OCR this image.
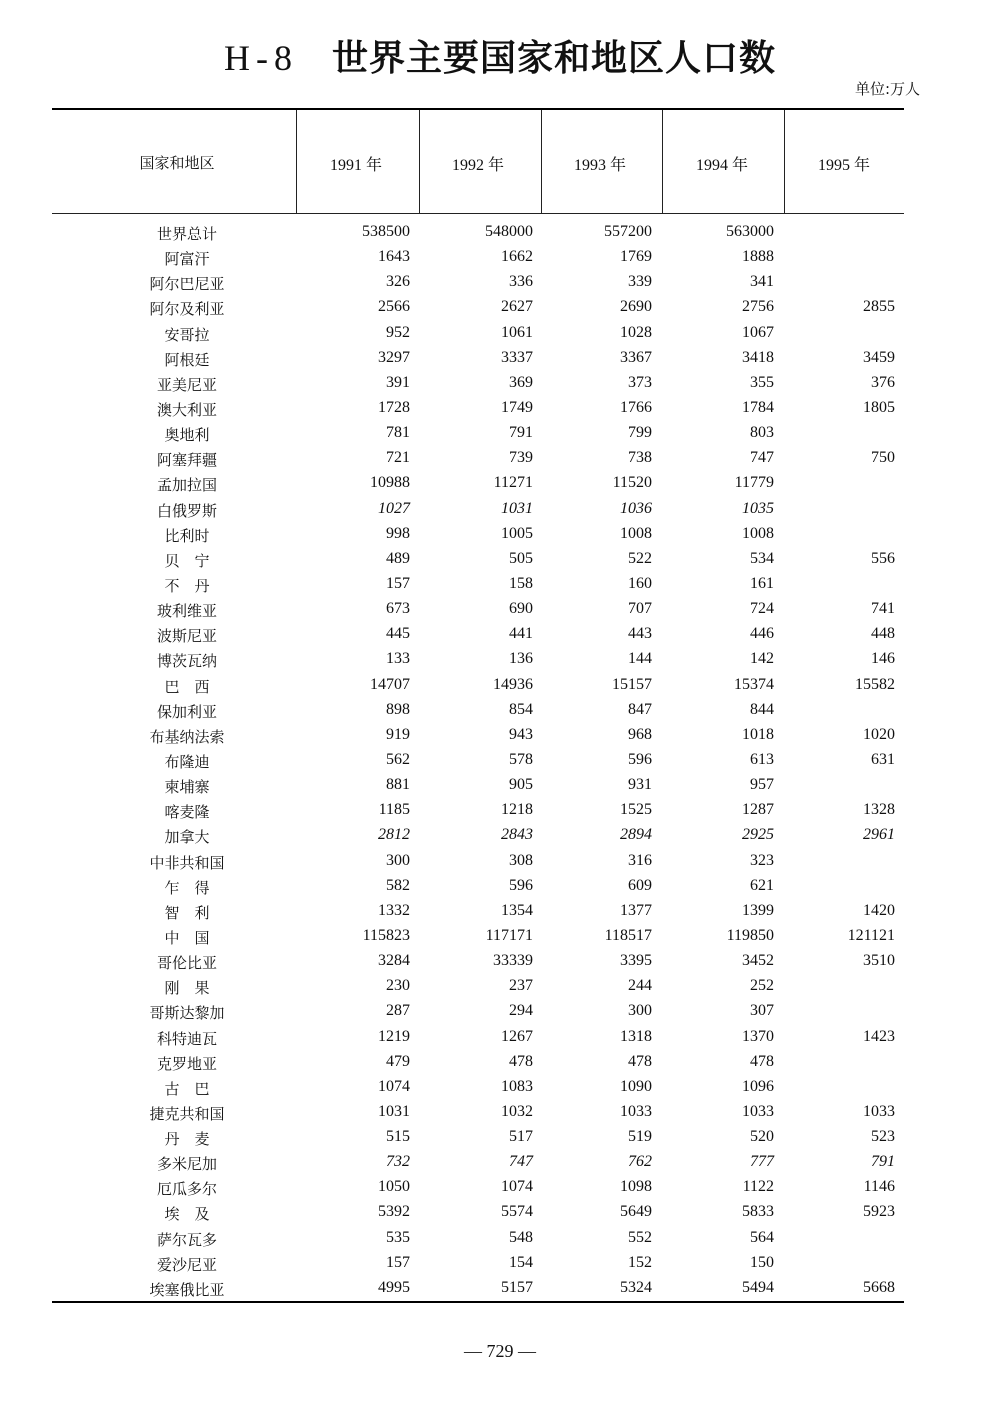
H-8 世界主要国家和地区人口数
单位:万人
国家和地区	1991 年	1992 年	1993 年	1994 年	1995 年
世界总计	538500	548000	557200	563000
阿富汗	1643	1662	1769	1888
阿尔巴尼亚	326	336	339	341
阿尔及利亚	2566	2627	2690	2756	2855
安哥拉	952	1061	1028	1067
阿根廷	3297	3337	3367	3418	3459
亚美尼亚	391	369	373	355	376
澳大利亚	1728	1749	1766	1784	1805
奥地利	781	791	799	803
阿塞拜疆	721	739	738	747	750
孟加拉国	10988	11271	11520	11779
白俄罗斯	1027	1031	1036	1035
比利时	998	1005	1008	1008
贝　宁	489	505	522	534	556
不　丹	157	158	160	161
玻利维亚	673	690	707	724	741
波斯尼亚	445	441	443	446	448
博茨瓦纳	133	136	144	142	146
巴　西	14707	14936	15157	15374	15582
保加利亚	898	854	847	844
布基纳法索	919	943	968	1018	1020
布隆迪	562	578	596	613	631
柬埔寨	881	905	931	957
喀麦隆	1185	1218	1525	1287	1328
加拿大	2812	2843	2894	2925	2961
中非共和国	300	308	316	323
乍　得	582	596	609	621
智　利	1332	1354	1377	1399	1420
中　国	115823	117171	118517	119850	121121
哥伦比亚	3284	33339	3395	3452	3510
刚　果	230	237	244	252
哥斯达黎加	287	294	300	307
科特迪瓦	1219	1267	1318	1370	1423
克罗地亚	479	478	478	478
古　巴	1074	1083	1090	1096
捷克共和国	1031	1032	1033	1033	1033
丹　麦	515	517	519	520	523
多米尼加	732	747	762	777	791
厄瓜多尔	1050	1074	1098	1122	1146
埃　及	5392	5574	5649	5833	5923
萨尔瓦多	535	548	552	564
爱沙尼亚	157	154	152	150
埃塞俄比亚	4995	5157	5324	5494	5668
— 729 —
